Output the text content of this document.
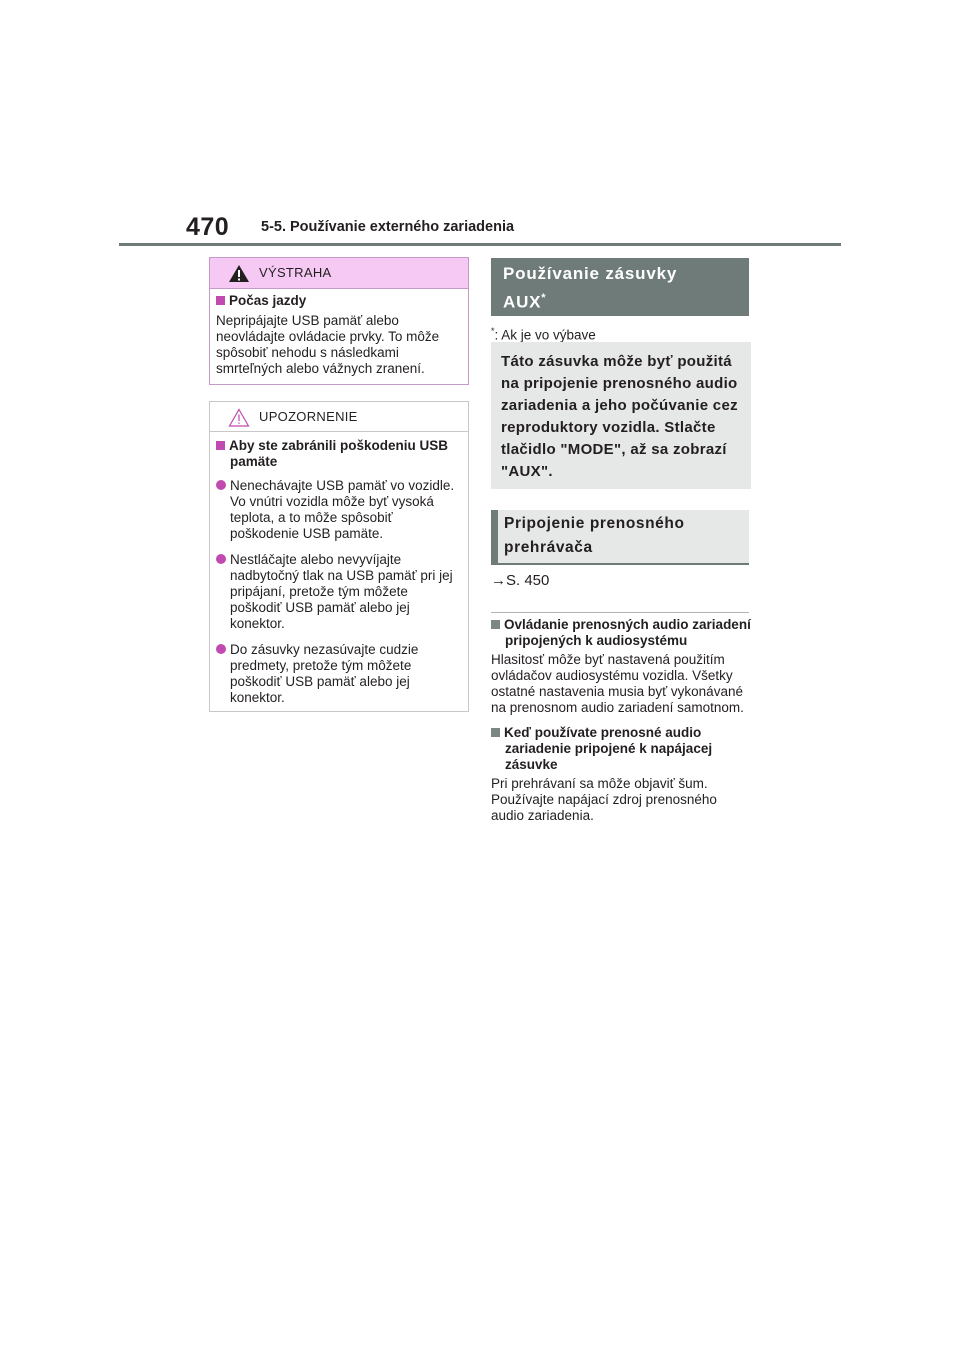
470 5-5. Používanie externého zariadenia
VÝSTRAHA

Počas jazdy

Nepripájajte USB pamäť alebo neovládajte ovládacie prvky. To môže spôsobiť nehodu s následkami smrteľných alebo vážnych zranení.

UPOZORNENIE

Aby ste zabránili poškodeniu USB pamäte

Nenechávajte USB pamäť vo vozidle. Vo vnútri vozidla môže byť vysoká teplota, a to môže spôsobiť poškodenie USB pamäte.

Nestláčajte alebo nevyvíjajte nadbytočný tlak na USB pamäť pri jej pripájaní, pretože tým môžete poškodiť USB pamäť alebo jej konektor.

Do zásuvky nezasúvajte cudzie predmety, pretože tým môžete poškodiť USB pamäť alebo jej konektor.

Používanie zásuvky
AUX*
*: Ak je vo výbave
Táto zásuvka môže byť použitá na pripojenie prenosného audio zariadenia a jeho počúvanie cez reproduktory vozidla. Stlačte tlačidlo "MODE", až sa zobrazí "AUX".
Pripojenie prenosného prehrávača
→S. 450

Ovládanie prenosných audio zariadení pripojených k audiosystému

Hlasitosť môže byť nastavená použitím ovládačov audiosystému vozidla. Všetky ostatné nastavenia musia byť vykonávané na prenosnom audio zariadení samotnom.

Keď používate prenosné audio zariadenie pripojené k napájacej zásuvke

Pri prehrávaní sa môže objaviť šum. Používajte napájací zdroj prenosného audio zariadenia.
